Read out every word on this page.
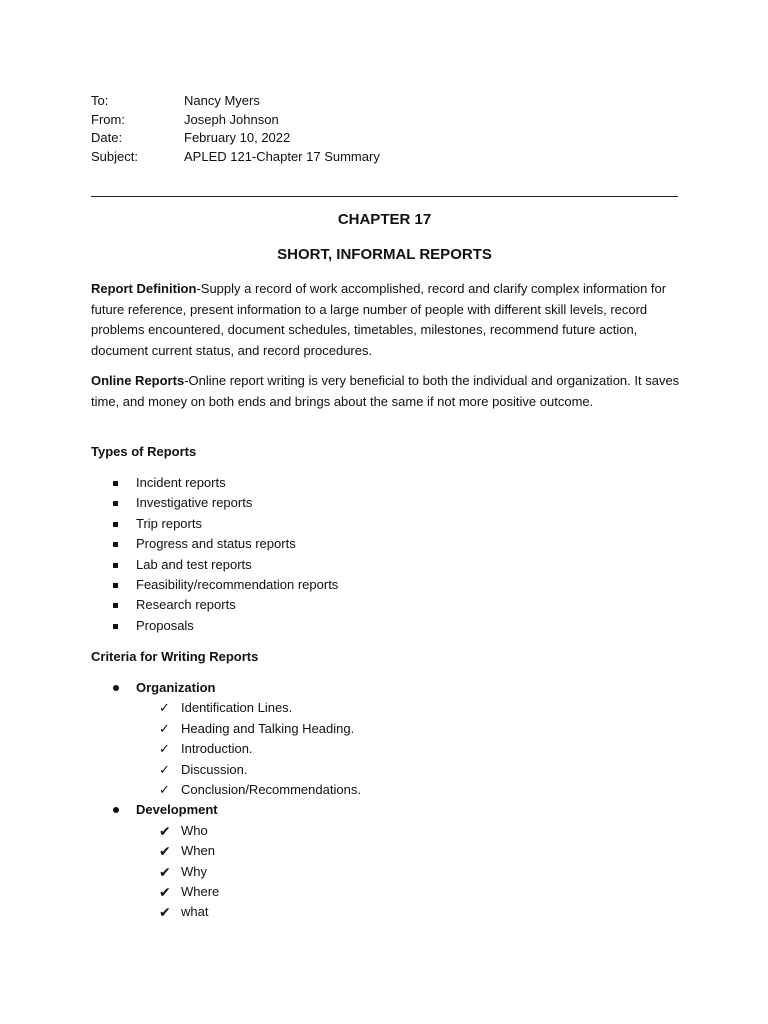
To:	Nancy Myers
From:	Joseph Johnson
Date:	February 10, 2022
Subject:	APLED 121-Chapter 17 Summary
CHAPTER 17
SHORT, INFORMAL REPORTS

Report Definition-Supply a record of work accomplished, record and clarify complex information for future reference, present information to a large number of people with different skill levels, record problems encountered, document schedules, timetables, milestones, recommend future action, document current status, and record procedures.

Online Reports-Online report writing is very beneficial to both the individual and organization. It saves time, and money on both ends and brings about the same if not more positive outcome.

Types of Reports
Incident reports
Investigative reports
Trip reports
Progress and status reports
Lab and test reports
Feasibility/recommendation reports
Research reports
Proposals
Criteria for Writing Reports
Organization
✓ Identification Lines.
✓ Heading and Talking Heading.
✓ Introduction.
✓ Discussion.
✓ Conclusion/Recommendations.
Development
✔ Who
✔ When
✔ Why
✔ Where
✔ what
